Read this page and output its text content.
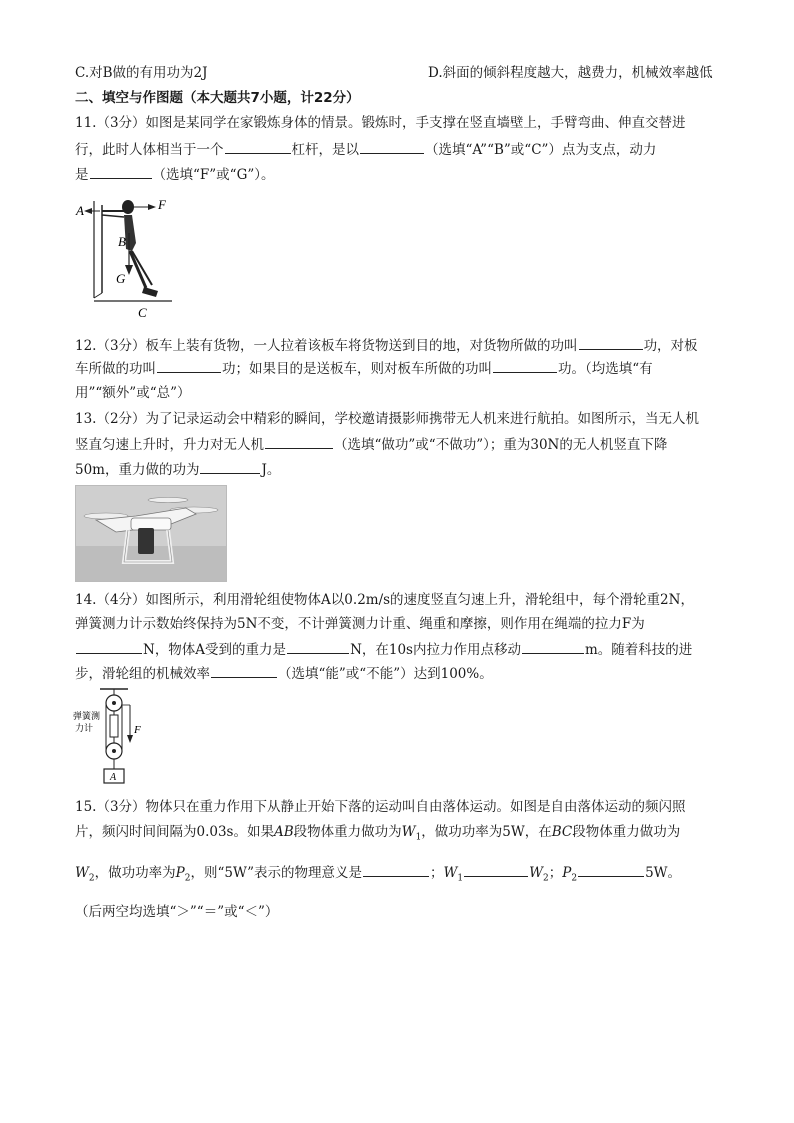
C.对B做的有用功为2J	D.斜面的倾斜程度越大，越费力，机械效率越低
二、填空与作图题（本大题共7小题，计22分）
11.（3分）如图是某同学在家锻炼身体的情景。锻炼时，手支撑在竖直墙壁上，手臂弯曲、伸直交替进
行，此时人体相当于一个	杠杆，是以	（选填“A”“B”或“C”）点为支点，动力
是	（选填“F”或“G”）。
A	F
B
G
C
12.（3分）板车上装有货物，一人拉着该板车将货物送到目的地，对货物所做的功叫	功，对板
车所做的功叫	功；如果目的是送板车，则对板车所做的功叫	功。（均选填“有
用”“额外”或“总”）
13.（2分）为了记录运动会中精彩的瞬间，学校邀请摄影师携带无人机来进行航拍。如图所示，当无人机
竖直匀速上升时，升力对无人机	（选填“做功”或“不做功”）；重为30N的无人机竖直下降
50m，重力做的功为	J。
14.（4分）如图所示，利用滑轮组使物体A以0.2m/s的速度竖直匀速上升，滑轮组中，每个滑轮重2N，
弹簧测力计示数始终保持为5N不变，不计弹簧测力计重、绳重和摩擦，则作用在绳端的拉力F为
N，物体A受到的重力是	N，在10s内拉力作用点移动	m。随着科技的进
步，滑轮组的机械效率	（选填“能”或“不能”）达到100%。
弹簧测
力计	F
A
15.（3分）物体只在重力作用下从静止开始下落的运动叫自由落体运动。如图是自由落体运动的频闪照
片，频闪时间间隔为0.03s。如果AB段物体重力做功为$W_1$，做功功率为5W，在BC段物体重力做功为
$W_2$，做功功率为$P_2$，则“5W”表示的物理意义是	；$W_1$	$W_2$；$P_2$	5W。
（后两空均选填“＞”“＝”或“＜”）
